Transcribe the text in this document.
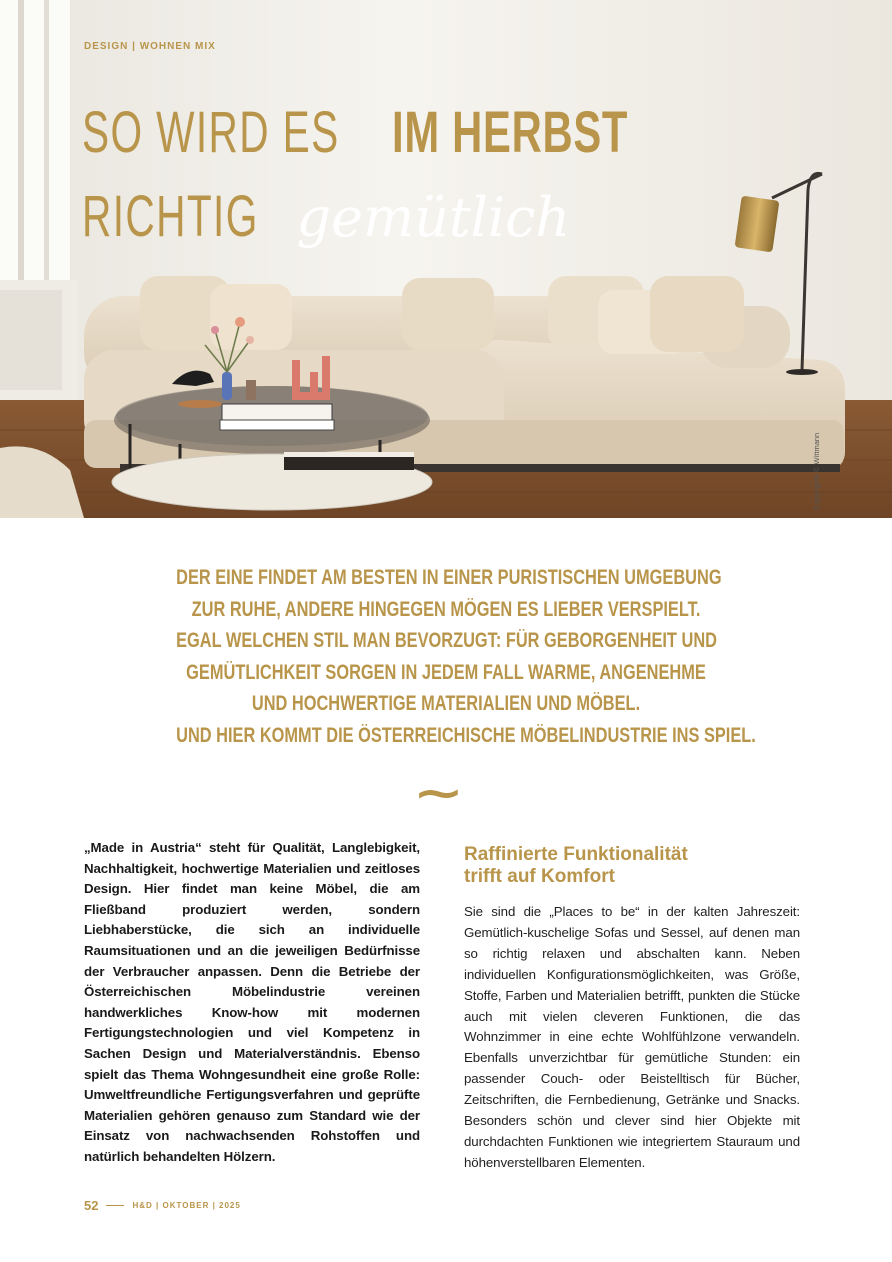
DESIGN | WOHNEN MIX
SO WIRD ES IM HERBST
RICHTIG gemütlich
Copyrights © Wittmann
DER EINE FINDET AM BESTEN IN EINER PURISTISCHEN UMGEBUNG
ZUR RUHE, ANDERE HINGEGEN MÖGEN ES LIEBER VERSPIELT.
EGAL WELCHEN STIL MAN BEVORZUGT: FÜR GEBORGENHEIT UND
GEMÜTLICHKEIT SORGEN IN JEDEM FALL WARME, ANGENEHME
UND HOCHWERTIGE MATERIALIEN UND MÖBEL.
UND HIER KOMMT DIE ÖSTERREICHISCHE MÖBELINDUSTRIE INS SPIEL.
~
„Made in Austria“ steht für Qualität, Langlebigkeit, Nachhaltigkeit, hochwertige Materialien und zeitloses Design. Hier findet man keine Möbel, die am Fließband produziert werden, sondern Liebhaberstücke, die sich an individuelle Raumsituationen und an die jeweiligen Bedürfnisse der Verbraucher anpassen. Denn die Betriebe der Österreichischen Möbelindustrie vereinen handwerkliches Know-how mit modernen Fertigungstechnologien und viel Kompetenz in Sachen Design und Materialverständnis. Ebenso spielt das Thema Wohngesundheit eine große Rolle: Umweltfreundliche Fertigungsverfahren und geprüfte Materialien gehören genauso zum Standard wie der Einsatz von nachwachsenden Rohstoffen und natürlich behandelten Hölzern.
Raffinierte Funktionalität
trifft auf Komfort
Sie sind die „Places to be“ in der kalten Jahreszeit: Gemütlich-kuschelige Sofas und Sessel, auf denen man so richtig relaxen und abschalten kann. Neben individuellen Konfigurationsmöglichkeiten, was Größe, Stoffe, Farben und Materialien betrifft, punkten die Stücke auch mit vielen cleveren Funktionen, die das Wohnzimmer in eine echte Wohlfühlzone verwandeln. Ebenfalls unverzichtbar für gemütliche Stunden: ein passender Couch- oder Beistelltisch für Bücher, Zeitschriften, die Fernbedienung, Getränke und Snacks. Besonders schön und clever sind hier Objekte mit durchdachten Funktionen wie integriertem Stauraum und höhenverstellbaren Elementen.
52	H&D | OKTOBER | 2025
